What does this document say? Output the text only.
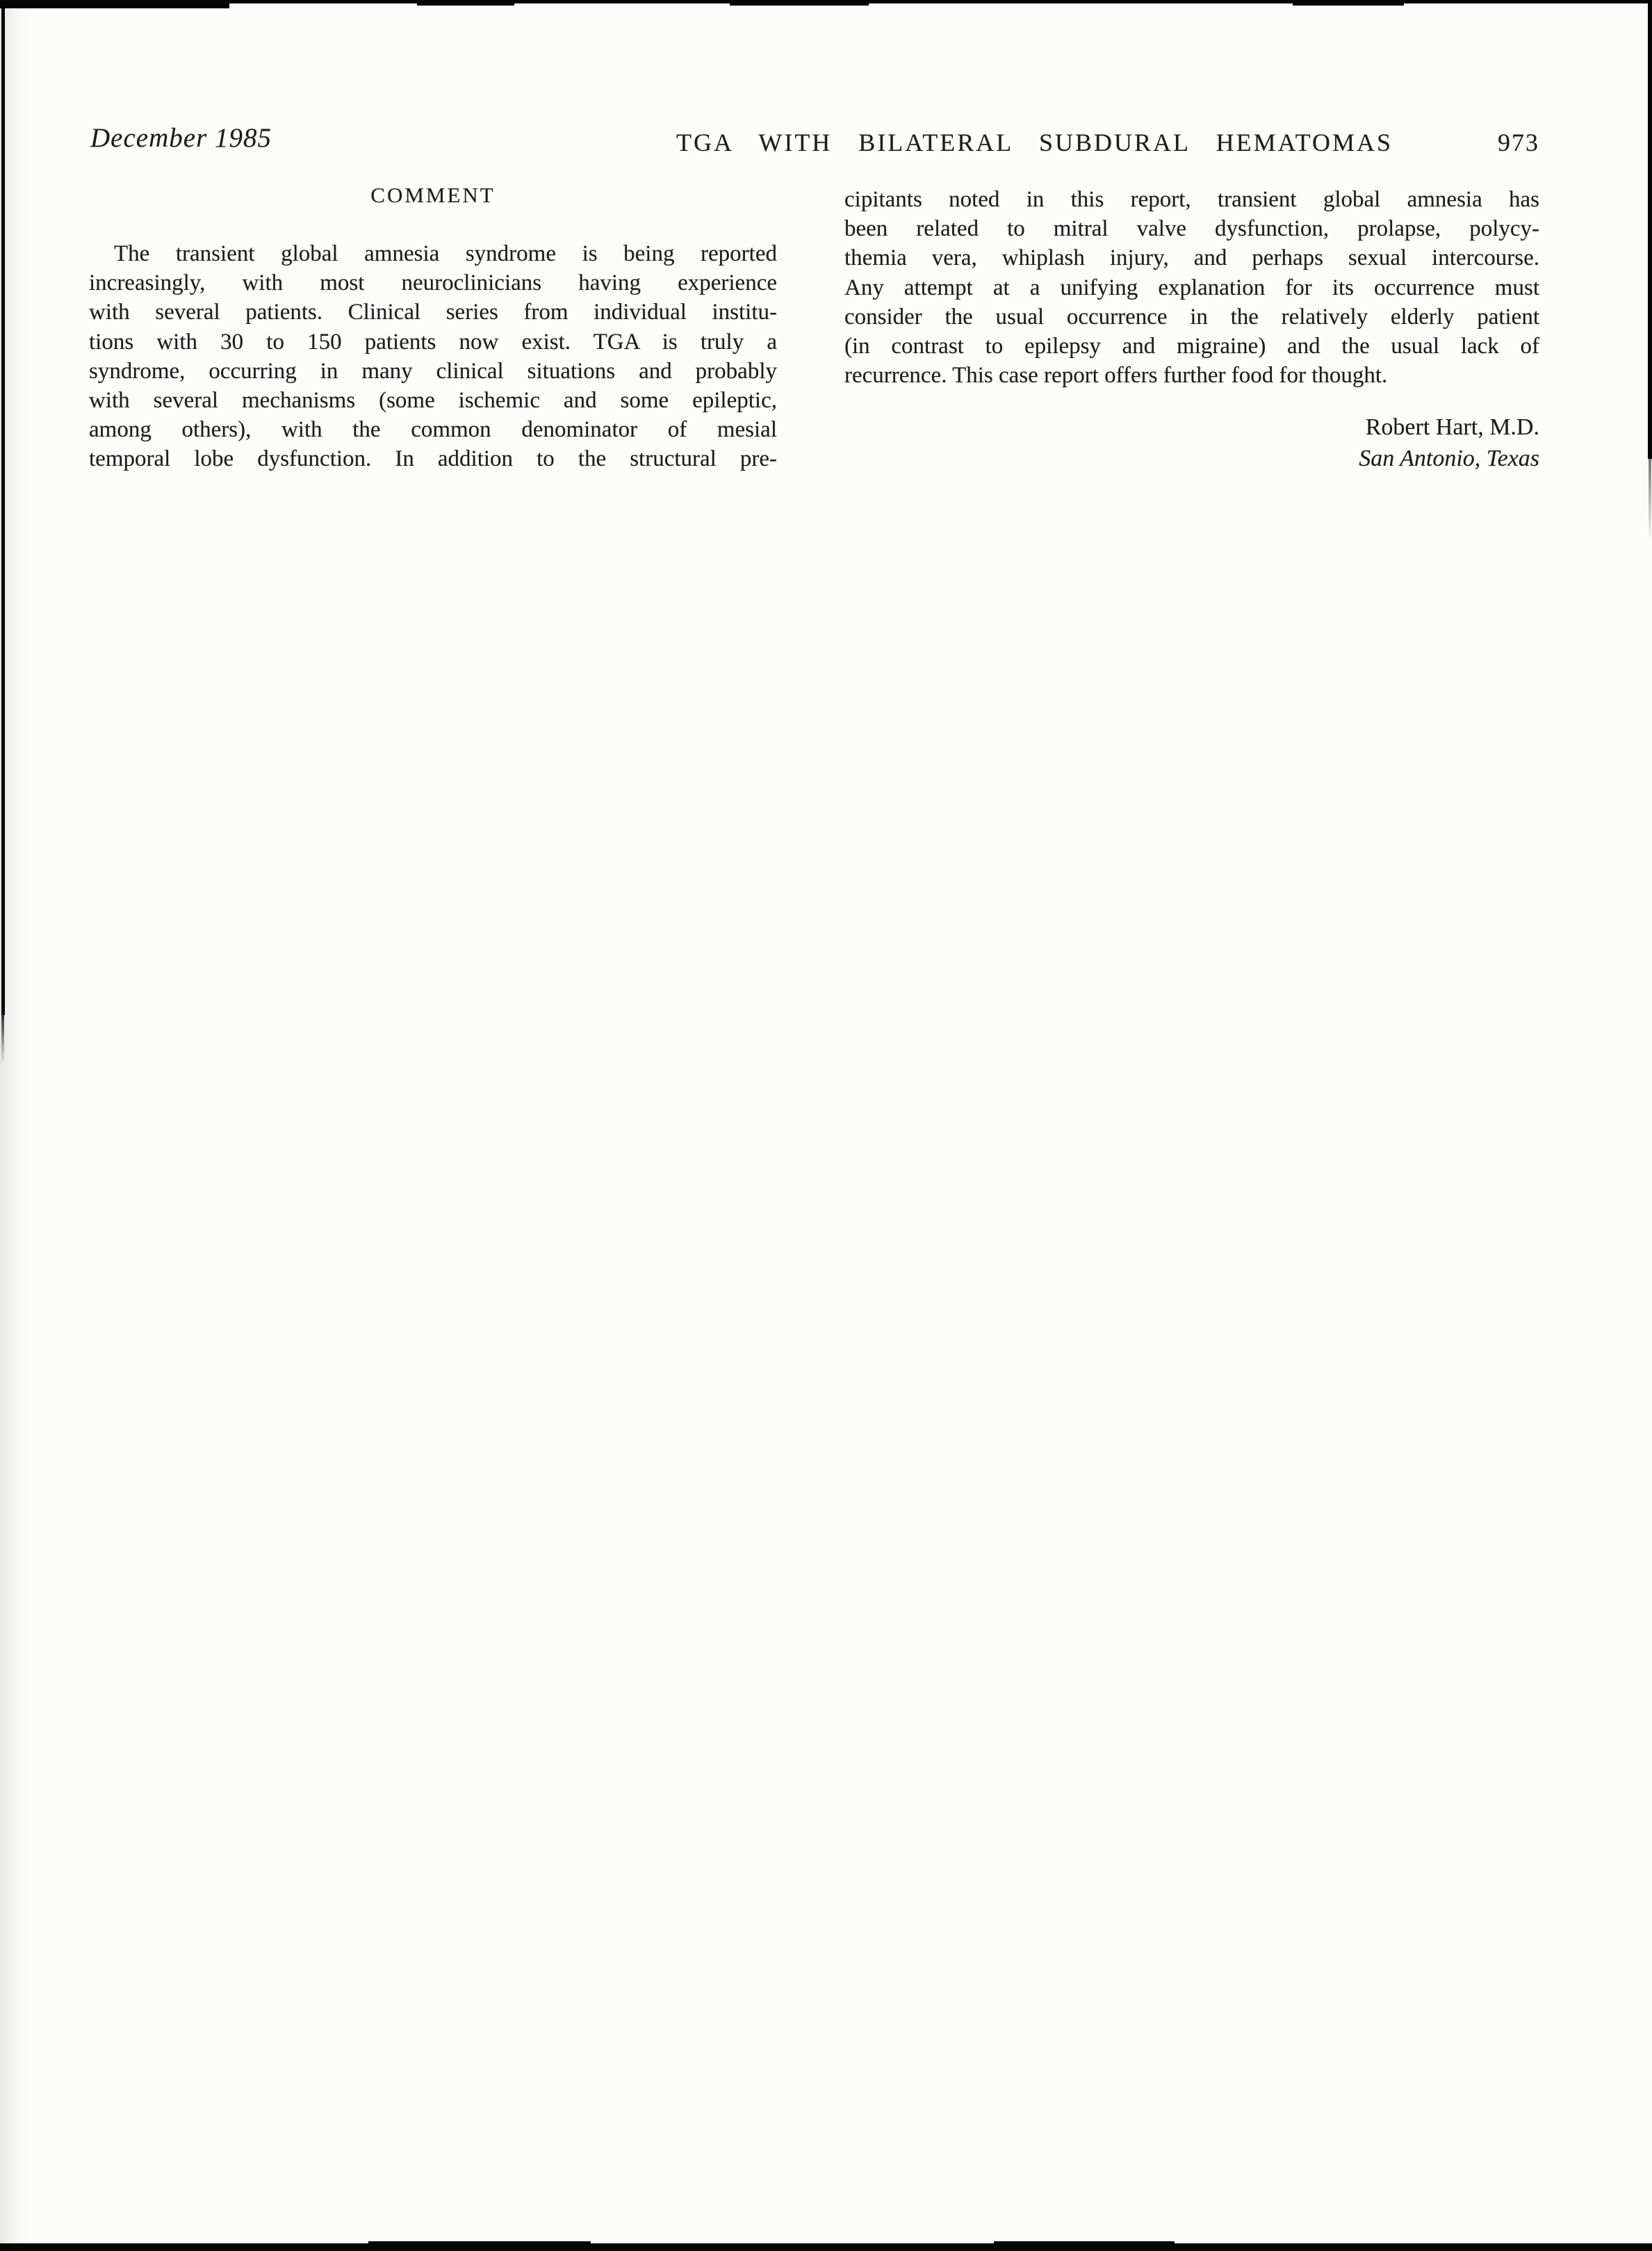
December 1985	TGA WITH BILATERAL SUBDURAL HEMATOMAS	973
COMMENT
The transient global amnesia syndrome is being reported
increasingly, with most neuroclinicians having experience
with several patients. Clinical series from individual institu-
tions with 30 to 150 patients now exist. TGA is truly a
syndrome, occurring in many clinical situations and probably
with several mechanisms (some ischemic and some epileptic,
among others), with the common denominator of mesial
temporal lobe dysfunction. In addition to the structural pre-
cipitants noted in this report, transient global amnesia has
been related to mitral valve dysfunction, prolapse, polycy-
themia vera, whiplash injury, and perhaps sexual intercourse.
Any attempt at a unifying explanation for its occurrence must
consider the usual occurrence in the relatively elderly patient
(in contrast to epilepsy and migraine) and the usual lack of
recurrence. This case report offers further food for thought.
Robert Hart, M.D.
San Antonio, Texas
